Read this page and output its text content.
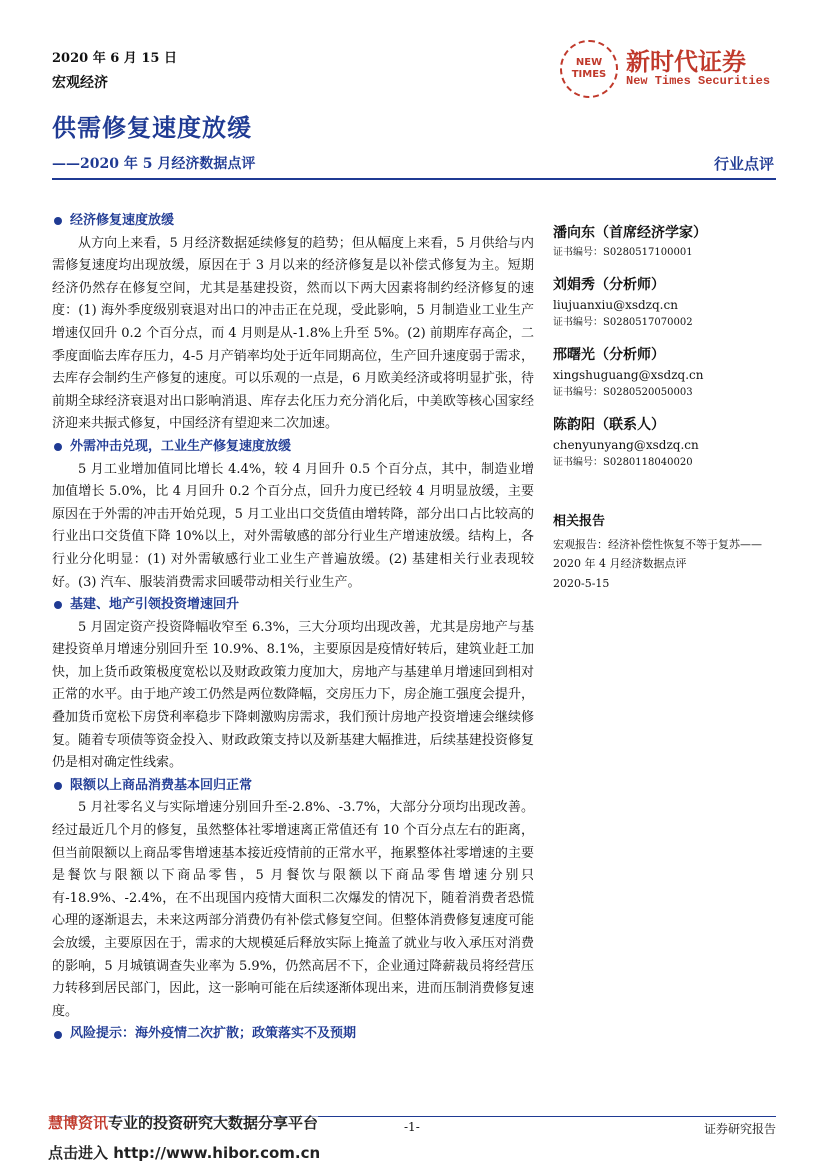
2020 年 6 月 15 日
宏观经济
供需修复速度放缓
——2020 年 5 月经济数据点评	行业点评
NEW
TIMES 新时代证券
New Times Securities

经济修复速度放缓

从方向上来看，5 月经济数据延续修复的趋势；但从幅度上来看，5 月供给与内需修复速度均出现放缓，原因在于 3 月以来的经济修复是以补偿式修复为主。短期经济仍然存在修复空间，尤其是基建投资，然而以下两大因素将制约经济修复的速度：(1) 海外季度级别衰退对出口的冲击正在兑现，受此影响，5 月制造业工业生产增速仅回升 0.2 个百分点，而 4 月则是从-1.8%上升至 5%。(2) 前期库存高企，二季度面临去库存压力，4-5 月产销率均处于近年同期高位，生产回升速度弱于需求，去库存会制约生产修复的速度。可以乐观的一点是，6 月欧美经济或将明显扩张，待前期全球经济衰退对出口影响消退、库存去化压力充分消化后，中美欧等核心国家经济迎来共振式修复，中国经济有望迎来二次加速。

外需冲击兑现，工业生产修复速度放缓

5 月工业增加值同比增长 4.4%，较 4 月回升 0.5 个百分点，其中，制造业增加值增长 5.0%，比 4 月回升 0.2 个百分点，回升力度已经较 4 月明显放缓，主要原因在于外需的冲击开始兑现，5 月工业出口交货值由增转降，部分出口占比较高的行业出口交货值下降 10%以上，对外需敏感的部分行业生产增速放缓。结构上，各行业分化明显：(1) 对外需敏感行业工业生产普遍放缓。(2) 基建相关行业表现较好。(3) 汽车、服装消费需求回暖带动相关行业生产。

基建、地产引领投资增速回升

5 月固定资产投资降幅收窄至 6.3%，三大分项均出现改善，尤其是房地产与基建投资单月增速分别回升至 10.9%、8.1%，主要原因是疫情好转后，建筑业赶工加快，加上货币政策极度宽松以及财政政策力度加大，房地产与基建单月增速回到相对正常的水平。由于地产竣工仍然是两位数降幅，交房压力下，房企施工强度会提升，叠加货币宽松下房贷利率稳步下降刺激购房需求，我们预计房地产投资增速会继续修复。随着专项债等资金投入、财政政策支持以及新基建大幅推进，后续基建投资修复仍是相对确定性线索。

限额以上商品消费基本回归正常

5 月社零名义与实际增速分别回升至-2.8%、-3.7%，大部分分项均出现改善。经过最近几个月的修复，虽然整体社零增速离正常值还有 10 个百分点左右的距离，但当前限额以上商品零售增速基本接近疫情前的正常水平，拖累整体社零增速的主要是餐饮与限额以下商品零售，5 月餐饮与限额以下商品零售增速分别只有-18.9%、-2.4%，在不出现国内疫情大面积二次爆发的情况下，随着消费者恐慌心理的逐渐退去，未来这两部分消费仍有补偿式修复空间。但整体消费修复速度可能会放缓，主要原因在于，需求的大规模延后释放实际上掩盖了就业与收入承压对消费的影响，5 月城镇调查失业率为 5.9%，仍然高居不下，企业通过降薪裁员将经营压力转移到居民部门，因此，这一影响可能在后续逐渐体现出来，进而压制消费修复速度。

风险提示：海外疫情二次扩散；政策落实不及预期

潘向东（首席经济学家）

证书编号：S0280517100001

刘娟秀（分析师）

liujuanxiu@xsdzq.cn

证书编号：S0280517070002

邢曙光（分析师）

xingshuguang@xsdzq.cn

证书编号：S0280520050003

陈韵阳（联系人）

chenyunyang@xsdzq.cn

证书编号：S0280118040020

相关报告

宏观报告：经济补偿性恢复不等于复苏——2020 年 4 月经济数据点评

2020-5-15

慧博资讯专业的投资研究大数据分享平台	-1-	证券研究报告
点击进入 http://www.hibor.com.cn
